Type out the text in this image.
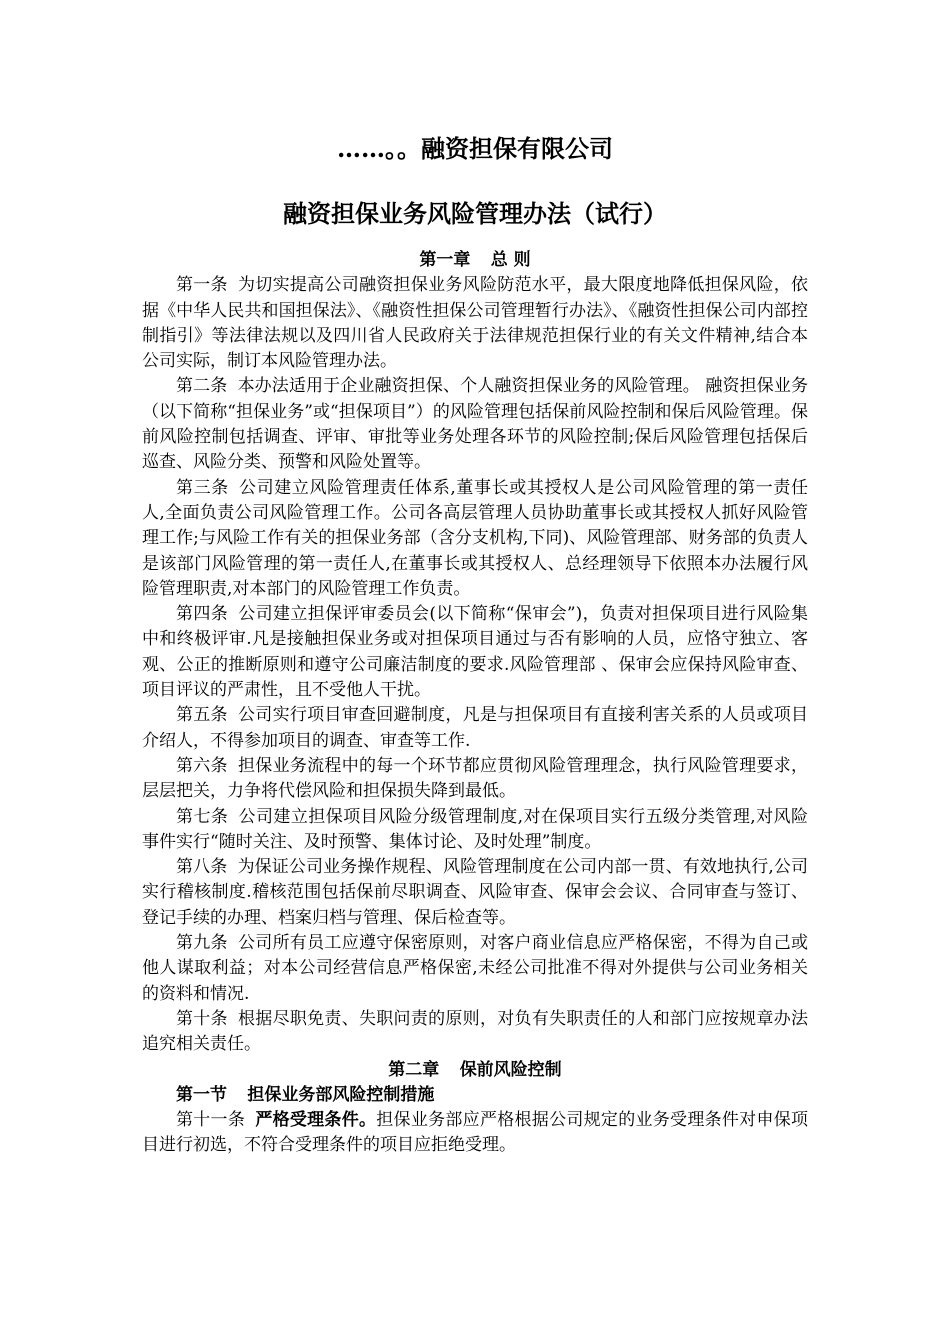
……。。融资担保有限公司
融资担保业务风险管理办法（试行）
第一章 总 则

第一条 为切实提高公司融资担保业务风险防范水平，最大限度地降低担保风险，依据《中华人民共和国担保法》、《融资性担保公司管理暂行办法》、《融资性担保公司内部控制指引》等法律法规以及四川省人民政府关于法律规范担保行业的有关文件精神,结合本公司实际，制订本风险管理办法。

第二条 本办法适用于企业融资担保、个人融资担保业务的风险管理。 融资担保业务（以下简称“担保业务”或“担保项目”）的风险管理包括保前风险控制和保后风险管理。保前风险控制包括调查、评审、审批等业务处理各环节的风险控制;保后风险管理包括保后巡查、风险分类、预警和风险处置等。

第三条 公司建立风险管理责任体系,董事长或其授权人是公司风险管理的第一责任人,全面负责公司风险管理工作。公司各高层管理人员协助董事长或其授权人抓好风险管理工作;与风险工作有关的担保业务部（含分支机构,下同)、风险管理部、财务部的负责人是该部门风险管理的第一责任人,在董事长或其授权人、总经理领导下依照本办法履行风险管理职责,对本部门的风险管理工作负责。

第四条 公司建立担保评审委员会(以下简称“保审会”)，负责对担保项目进行风险集中和终极评审.凡是接触担保业务或对担保项目通过与否有影响的人员，应恪守独立、客观、公正的推断原则和遵守公司廉洁制度的要求.风险管理部 、保审会应保持风险审查、项目评议的严肃性，且不受他人干扰。

第五条 公司实行项目审查回避制度，凡是与担保项目有直接利害关系的人员或项目介绍人，不得参加项目的调查、审查等工作.

第六条 担保业务流程中的每一个环节都应贯彻风险管理理念，执行风险管理要求，层层把关，力争将代偿风险和担保损失降到最低。

第七条 公司建立担保项目风险分级管理制度,对在保项目实行五级分类管理,对风险事件实行“随时关注、及时预警、集体讨论、及时处理”制度。

第八条 为保证公司业务操作规程、风险管理制度在公司内部一贯、有效地执行,公司实行稽核制度.稽核范围包括保前尽职调查、风险审查、保审会会议、合同审查与签订、登记手续的办理、档案归档与管理、保后检查等。

第九条 公司所有员工应遵守保密原则，对客户商业信息应严格保密，不得为自己或他人谋取利益；对本公司经营信息严格保密,未经公司批准不得对外提供与公司业务相关的资料和情况.

第十条 根据尽职免责、失职问责的原则，对负有失职责任的人和部门应按规章办法追究相关责任。

第二章 保前风险控制
第一节 担保业务部风险控制措施

第十一条 严格受理条件。担保业务部应严格根据公司规定的业务受理条件对申保项目进行初选，不符合受理条件的项目应拒绝受理。
